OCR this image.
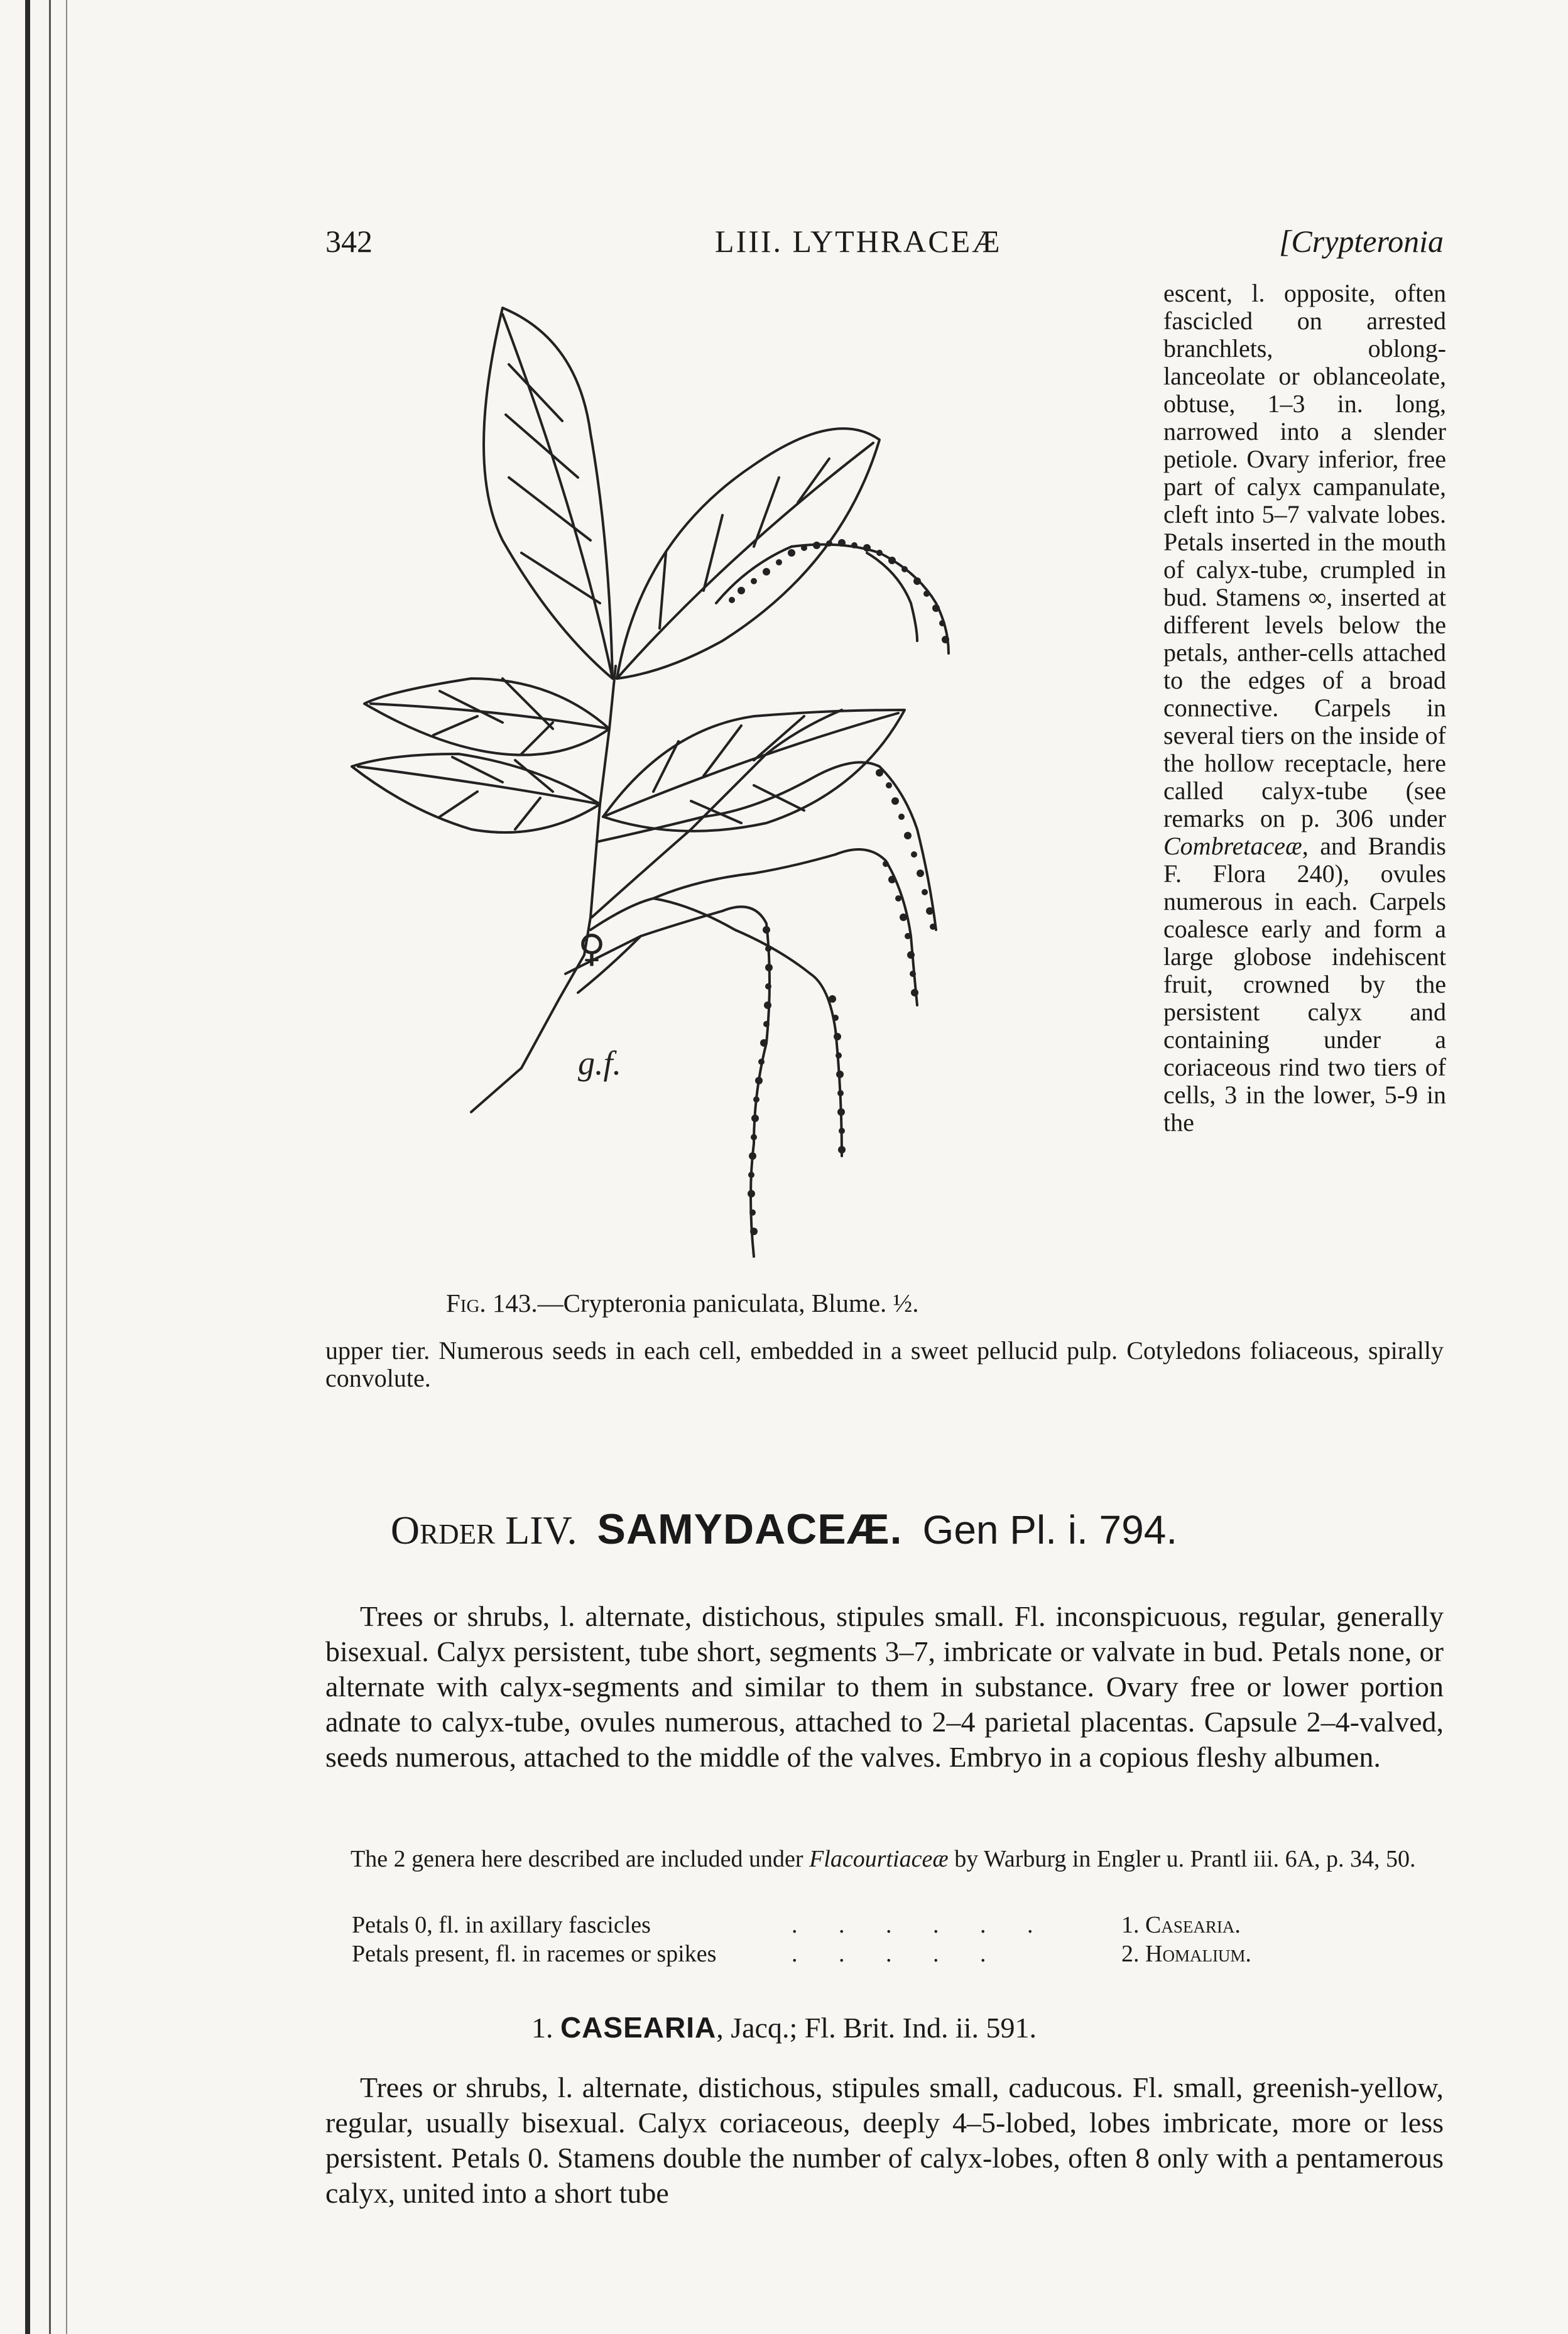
342	LIII. LYTHRACEÆ	[Crypteronia
♀
g.f.
Fig. 143.—Crypteronia paniculata, Blume. ½.

escent, l. opposite, often fascicled on arrested branchlets, oblong-lanceolate or oblanceolate, obtuse, 1–3 in. long, narrowed into a slender petiole. Ovary inferior, free part of calyx campanulate, cleft into 5–7 valvate lobes. Petals inserted in the mouth of calyx-tube, crumpled in bud. Stamens ∞, inserted at different levels below the petals, anther-cells attached to the edges of a broad connective. Carpels in several tiers on the inside of the hollow receptacle, here called calyx-tube (see remarks on p. 306 under Combretaceæ, and Brandis F. Flora 240), ovules numerous in each. Carpels coalesce early and form a large globose indehiscent fruit, crowned by the persistent calyx and containing under a coriaceous rind two tiers of cells, 3 in the lower, 5-9 in the

upper tier. Numerous seeds in each cell, embedded in a sweet pellucid pulp. Cotyledons foliaceous, spirally convolute.

Order LIV. SAMYDACEÆ. Gen Pl. i. 794.

Trees or shrubs, l. alternate, distichous, stipules small. Fl. inconspicuous, regular, generally bisexual. Calyx persistent, tube short, segments 3–7, imbricate or valvate in bud. Petals none, or alternate with calyx-segments and similar to them in substance. Ovary free or lower portion adnate to calyx-tube, ovules numerous, attached to 2–4 parietal placentas. Capsule 2–4-valved, seeds numerous, attached to the middle of the valves. Embryo in a copious fleshy albumen.

The 2 genera here described are included under Flacourtiaceæ by Warburg in Engler u. Prantl iii. 6A, p. 34, 50.

Petals 0, fl. in axillary fascicles	. . . . . .	1. Casearia.
Petals present, fl. in racemes or spikes	. . . . .	2. Homalium.
1. CASEARIA, Jacq.; Fl. Brit. Ind. ii. 591.

Trees or shrubs, l. alternate, distichous, stipules small, caducous. Fl. small, greenish-yellow, regular, usually bisexual. Calyx coriaceous, deeply 4–5-lobed, lobes imbricate, more or less persistent. Petals 0. Stamens double the number of calyx-lobes, often 8 only with a pentamerous calyx, united into a short tube
